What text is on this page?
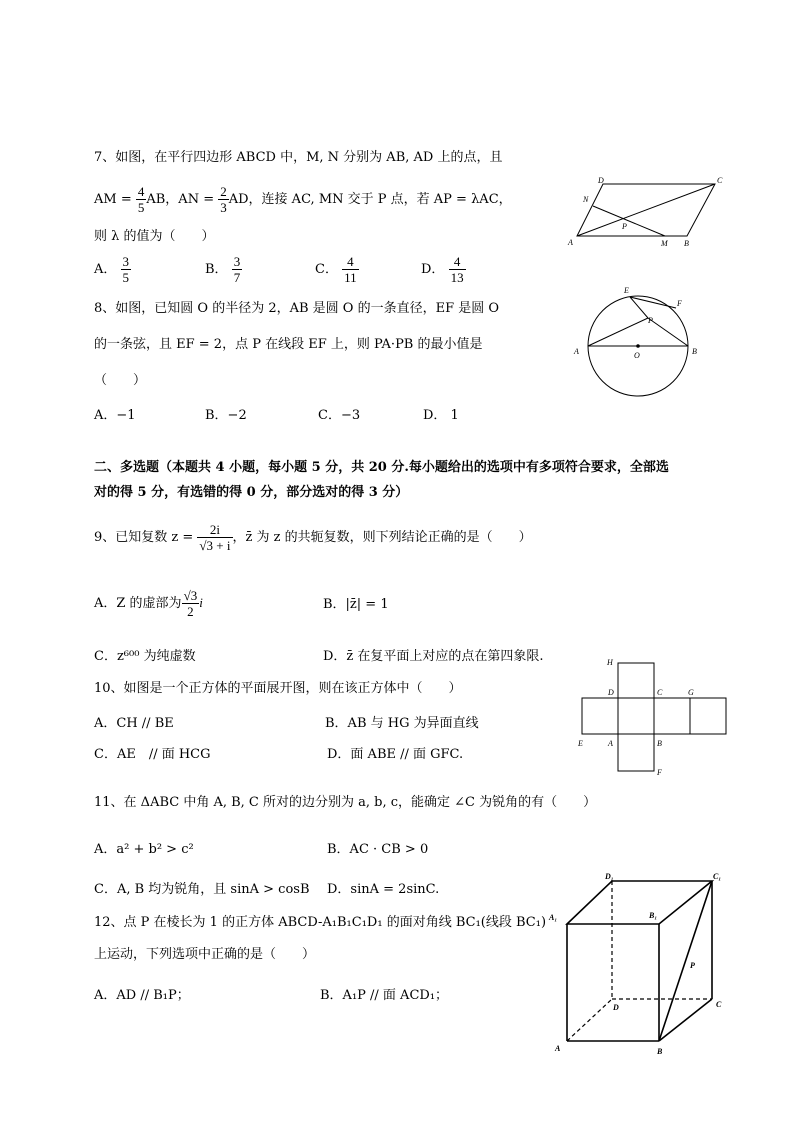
7、如图，在平行四边形 ABCD 中，M, N 分别为 AB, AD 上的点，且
AM = $\frac{4}{5}$ AB，AN = $\frac{2}{3}$ AD，连接 AC, MN 交于 P 点，若 AP = λAC，
则 λ 的值为（　　）
A． $\frac{3}{5}$	B． $\frac{3}{7}$	C． $\frac{4}{11}$	D． $\frac{4}{13}$
D	C
N
P
A	M B
8、如图，已知圆 O 的半径为 2，AB 是圆 O 的一条直径，EF 是圆 O
的一条弦，且 EF = 2，点 P 在线段 EF 上，则 PA·PB 的最小值是
（　　）
A．−1	B．−2	C．−3	D． 1
E
F
P
A	O	B
二、多选题（本题共 4 小题，每小题 5 分，共 20 分.每小题给出的选项中有多项符合要求，全部选
对的得 5 分，有选错的得 0 分，部分选对的得 3 分）
9、已知复数 $z = \frac{2i}{√3 + i}$ ，z̄ 为 z 的共轭复数，则下列结论正确的是（　　）
A．Z 的虚部为 $\frac{√3}{2}$ i	B．|z̄| = 1
C．z⁶⁰⁰ 为纯虚数	D．z̄ 在复平面上对应的点在第四象限.
10、如图是一个正方体的平面展开图，则在该正方体中（　　）
A．CH // BE	B．AB 与 HG 为异面直线
C．AE　// 面 HCG	D．面 ABE // 面 GFC.
H
D	C	G
E	A	B
F
11、在 ΔABC 中角 A, B, C 所对的边分别为 a, b, c，能确定 ∠C 为锐角的有（　　）
A．a² + b² > c²	B．AC · CB > 0
C．A, B 均为锐角，且 sinA > cosB D．sinA = 2sinC.
12、点 P 在棱长为 1 的正方体 ABCD-A₁B₁C₁D₁ 的面对角线 BC₁(线段 BC₁)
上运动，下列选项中正确的是（　　）
A．AD // B₁P；	B．A₁P // 面 ACD₁；
D₁	C₁
A₁	B₁
P
D	C
A	B
